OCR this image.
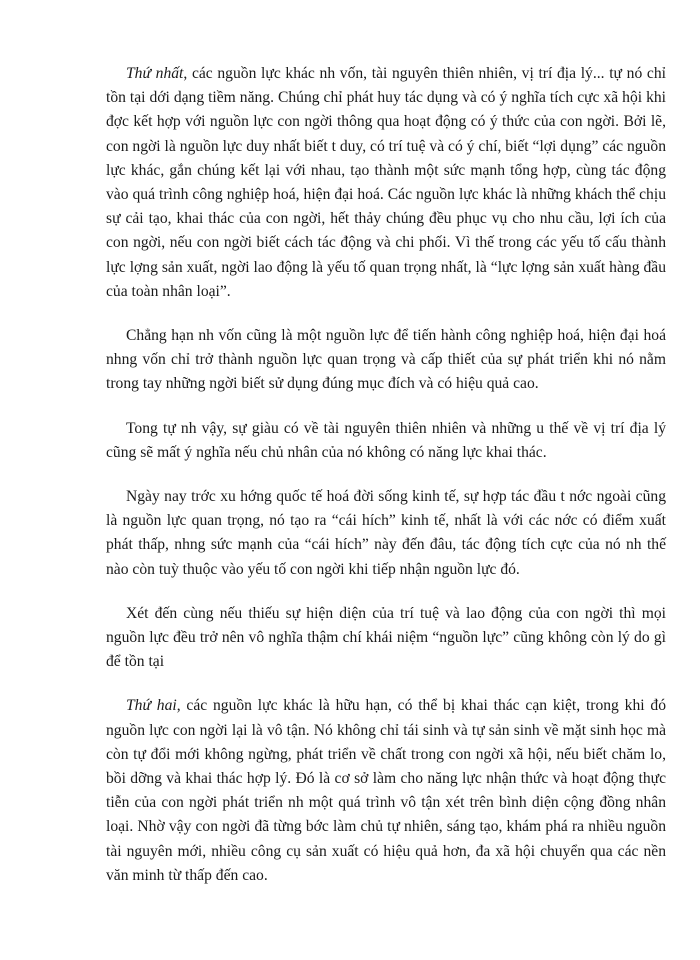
Thứ nhất, các nguồn lực khác nh vốn, tài nguyên thiên nhiên, vị trí địa lý... tự nó chỉ tồn tại dới dạng tiềm năng. Chúng chỉ phát huy tác dụng và có ý nghĩa tích cực xã hội khi đợc kết hợp với nguồn lực con ngời thông qua hoạt động có ý thức của con ngời. Bởi lẽ, con ngời là nguồn lực duy nhất biết t duy, có trí tuệ và có ý chí, biết “lợi dụng” các nguồn lực khác, gắn chúng kết lại với nhau, tạo thành một sức mạnh tổng hợp, cùng tác động vào quá trình công nghiệp hoá, hiện đại hoá. Các nguồn lực khác là những khách thể chịu sự cải tạo, khai thác của con ngời, hết thảy chúng đều phục vụ cho nhu cầu, lợi ích của con ngời, nếu con ngời biết cách tác động và chi phối. Vì thế trong các yếu tố cấu thành lực lợng sản xuất, ngời lao động là yếu tố quan trọng nhất, là “lực lợng sản xuất hàng đầu của toàn nhân loại”.

Chẳng hạn nh vốn cũng là một nguồn lực để tiến hành công nghiệp hoá, hiện đại hoá nhng vốn chỉ trở thành nguồn lực quan trọng và cấp thiết của sự phát triển khi nó nằm trong tay những ngời biết sử dụng đúng mục đích và có hiệu quả cao.

Tong tự nh vậy, sự giàu có về tài nguyên thiên nhiên và những u thế về vị trí địa lý cũng sẽ mất ý nghĩa nếu chủ nhân của nó không có năng lực khai thác.

Ngày nay trớc xu hớng quốc tế hoá đời sống kinh tế, sự hợp tác đầu t nớc ngoài cũng là nguồn lực quan trọng, nó tạo ra “cái hích” kinh tế, nhất là với các nớc có điểm xuất phát thấp, nhng sức mạnh của “cái hích” này đến đâu, tác động tích cực của nó nh thế nào còn tuỳ thuộc vào yếu tố con ngời khi tiếp nhận nguồn lực đó.

Xét đến cùng nếu thiếu sự hiện diện của trí tuệ và lao động của con ngời thì mọi nguồn lực đều trở nên vô nghĩa thậm chí khái niệm “nguồn lực” cũng không còn lý do gì để tồn tại

Thứ hai, các nguồn lực khác là hữu hạn, có thể bị khai thác cạn kiệt, trong khi đó nguồn lực con ngời lại là vô tận. Nó không chỉ tái sinh và tự sản sinh về mặt sinh học mà còn tự đổi mới không ngừng, phát triển về chất trong con ngời xã hội, nếu biết chăm lo, bồi dỡng và khai thác hợp lý. Đó là cơ sở làm cho năng lực nhận thức và hoạt động thực tiễn của con ngời phát triển nh một quá trình vô tận xét trên bình diện cộng đồng nhân loại. Nhờ vậy con ngời đã từng bớc làm chủ tự nhiên, sáng tạo, khám phá ra nhiều nguồn tài nguyên mới, nhiều công cụ sản xuất có hiệu quả hơn, đa xã hội chuyển qua các nền văn minh từ thấp đến cao.
